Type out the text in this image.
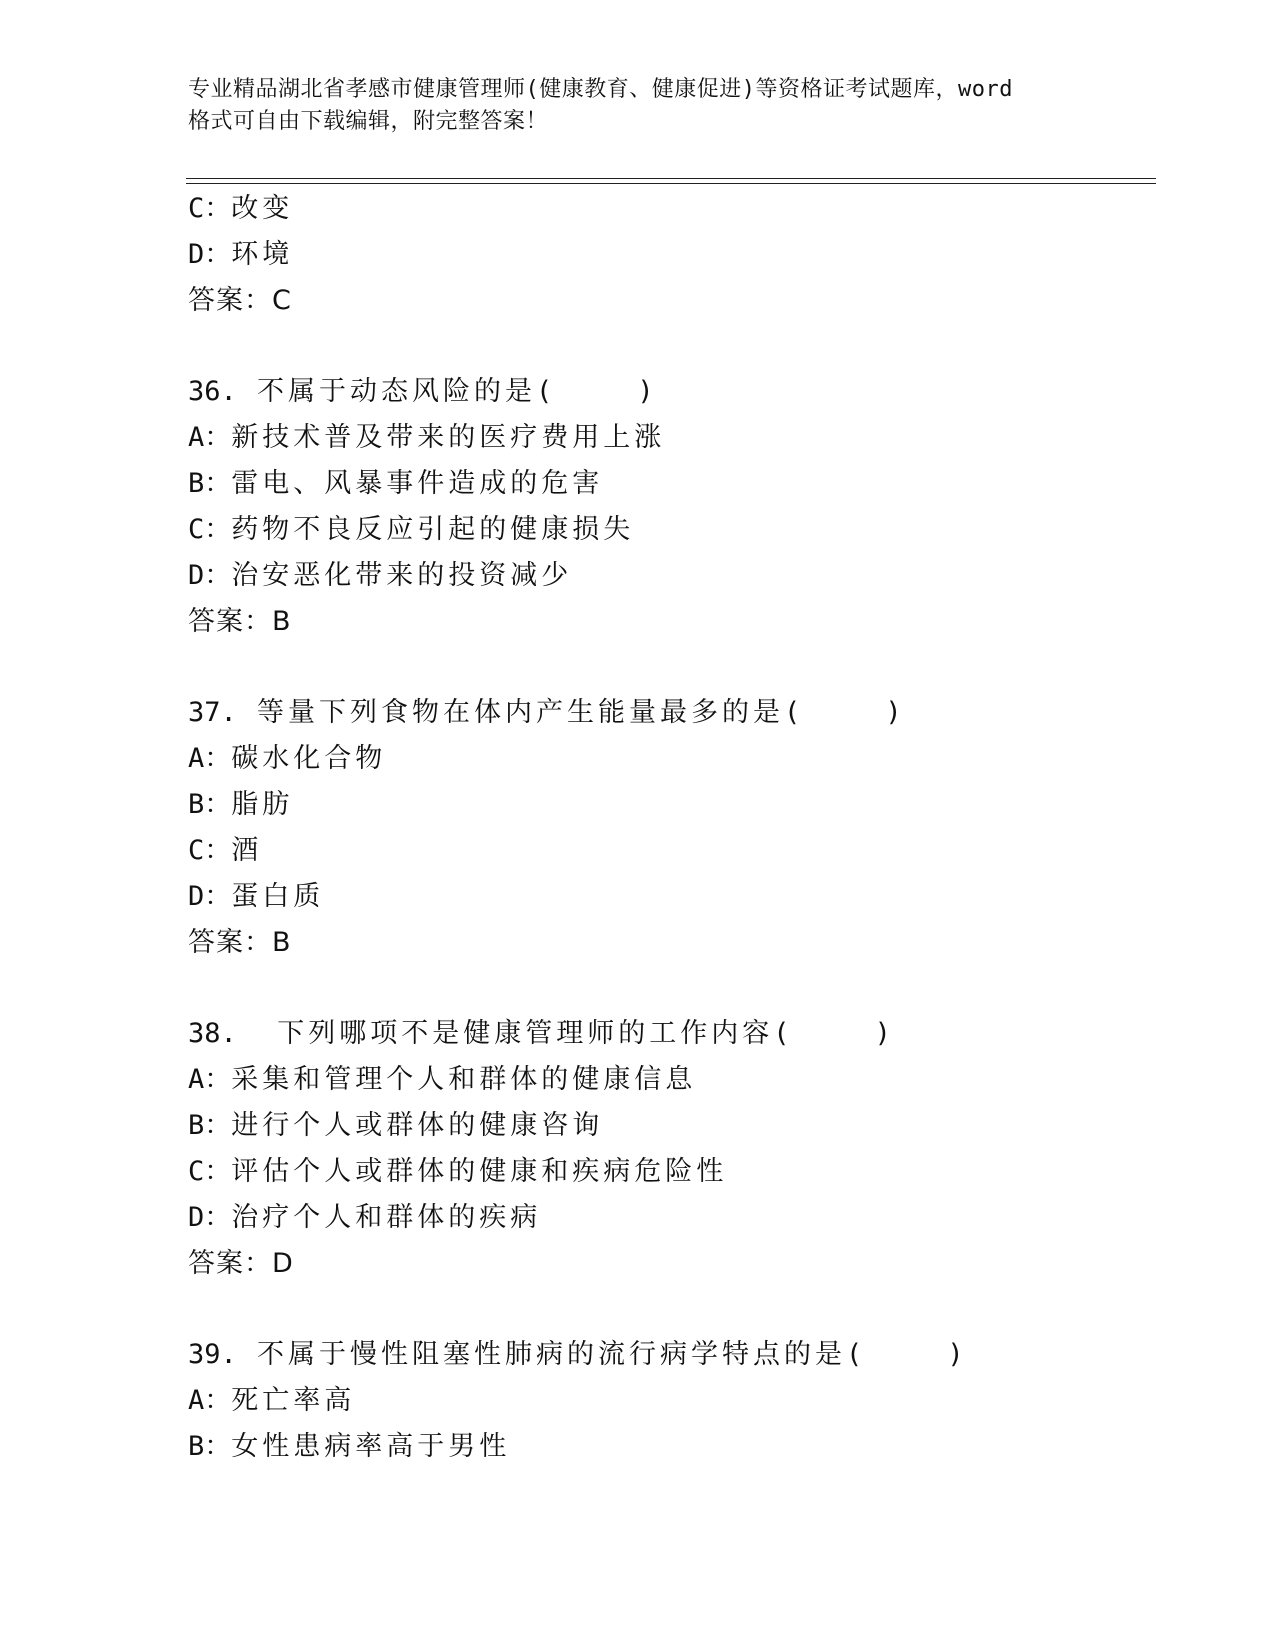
专业精品湖北省孝感市健康管理师(健康教育、健康促进)等资格证考试题库，word
格式可自由下载编辑，附完整答案！
C：改变
D：环境
答案：C
36. 不属于动态风险的是(    )
A：新技术普及带来的医疗费用上涨
B：雷电、风暴事件造成的危害
C：药物不良反应引起的健康损失
D：治安恶化带来的投资减少
答案：B
37. 等量下列食物在体内产生能量最多的是(    )
A：碳水化合物
B：脂肪
C：酒
D：蛋白质
答案：B
38.  下列哪项不是健康管理师的工作内容(    )
A：采集和管理个人和群体的健康信息
B：进行个人或群体的健康咨询
C：评估个人或群体的健康和疾病危险性
D：治疗个人和群体的疾病
答案：D
39. 不属于慢性阻塞性肺病的流行病学特点的是(    )
A：死亡率高
B：女性患病率高于男性
